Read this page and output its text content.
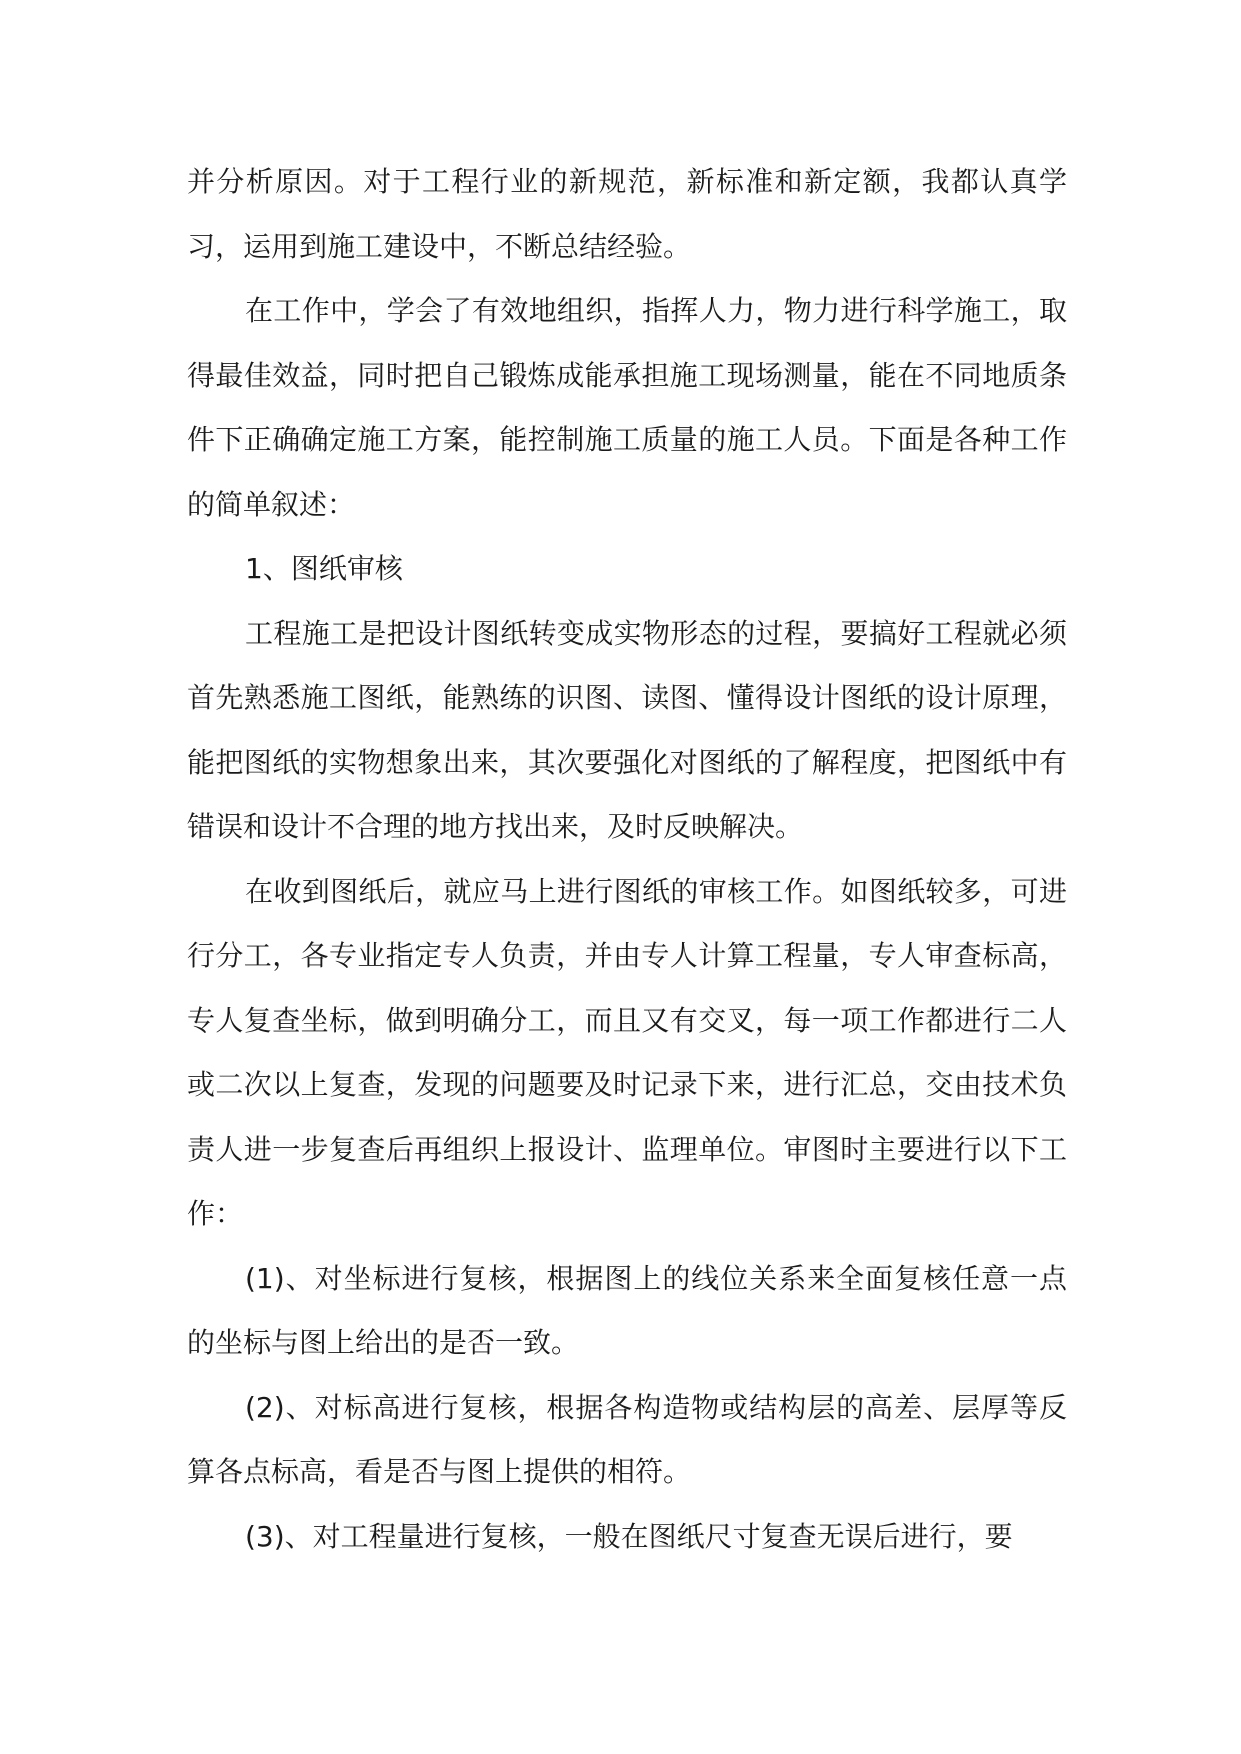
并分析原因。对于工程行业的新规范，新标准和新定额，我都认真学习，运用到施工建设中，不断总结经验。

在工作中，学会了有效地组织，指挥人力，物力进行科学施工，取得最佳效益，同时把自己锻炼成能承担施工现场测量，能在不同地质条件下正确确定施工方案，能控制施工质量的施工人员。下面是各种工作的简单叙述：

1、图纸审核

工程施工是把设计图纸转变成实物形态的过程，要搞好工程就必须首先熟悉施工图纸，能熟练的识图、读图、懂得设计图纸的设计原理，能把图纸的实物想象出来，其次要强化对图纸的了解程度，把图纸中有错误和设计不合理的地方找出来，及时反映解决。

在收到图纸后，就应马上进行图纸的审核工作。如图纸较多，可进行分工，各专业指定专人负责，并由专人计算工程量，专人审查标高，专人复查坐标，做到明确分工，而且又有交叉，每一项工作都进行二人或二次以上复查，发现的问题要及时记录下来，进行汇总，交由技术负责人进一步复查后再组织上报设计、监理单位。审图时主要进行以下工作：

(1)、对坐标进行复核，根据图上的线位关系来全面复核任意一点的坐标与图上给出的是否一致。

(2)、对标高进行复核，根据各构造物或结构层的高差、层厚等反算各点标高，看是否与图上提供的相符。

(3)、对工程量进行复核，一般在图纸尺寸复查无误后进行，要
